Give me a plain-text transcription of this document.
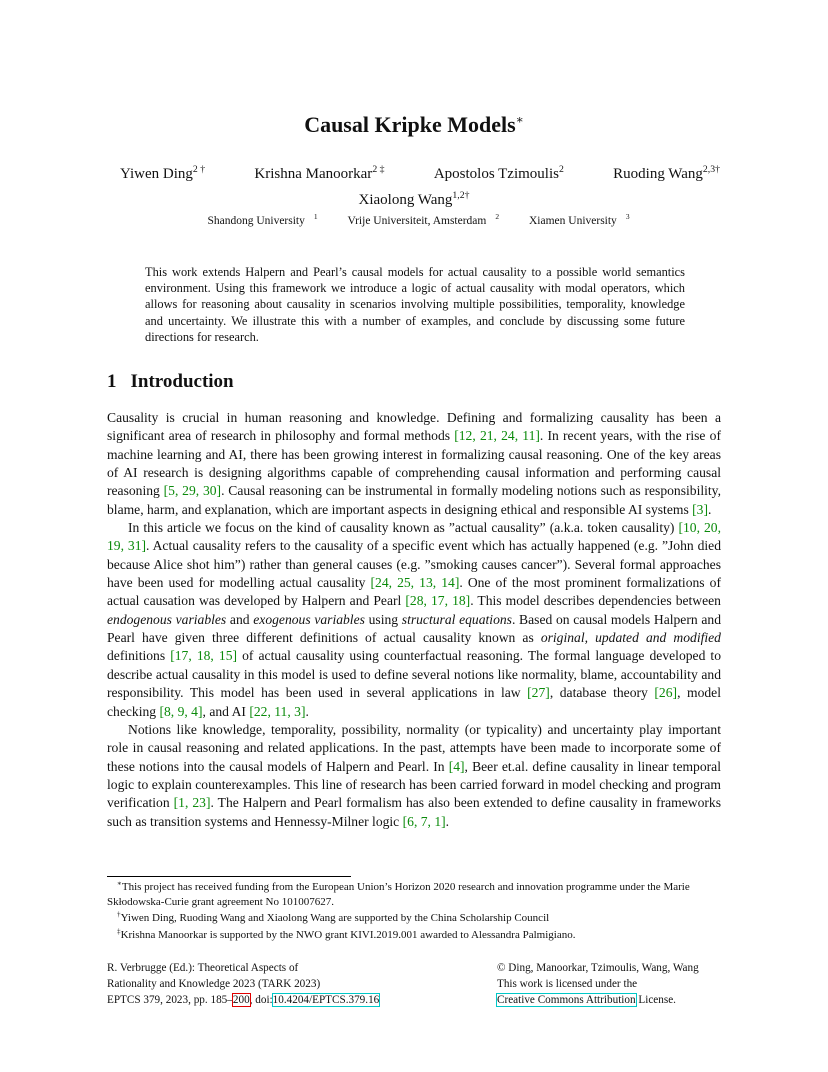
Causal Kripke Models∗
Yiwen Ding$^{2 \dagger}$	Krishna Manoorkar$^{2 \ddagger}$	Apostolos Tzimoulis$^2$	Ruoding Wang$^{2,3\dagger}$
Xiaolong Wang$^{1,2\dagger}$
Shandong University $^1$	Vrije Universiteit, Amsterdam $^2$	Xiamen University $^3$
This work extends Halpern and Pearl’s causal models for actual causality to a possible world semantics environment. Using this framework we introduce a logic of actual causality with modal operators, which allows for reasoning about causality in scenarios involving multiple possibilities, temporality, knowledge and uncertainty. We illustrate this with a number of examples, and conclude by discussing some future directions for research.
1 Introduction

Causality is crucial in human reasoning and knowledge. Defining and formalizing causality has been a significant area of research in philosophy and formal methods [12, 21, 24, 11]. In recent years, with the rise of machine learning and AI, there has been growing interest in formalizing causal reasoning. One of the key areas of AI research is designing algorithms capable of comprehending causal information and performing causal reasoning [5, 29, 30]. Causal reasoning can be instrumental in formally modeling notions such as responsibility, blame, harm, and explanation, which are important aspects in designing ethical and responsible AI systems [3].

In this article we focus on the kind of causality known as ”actual causality” (a.k.a. token causality) [10, 20, 19, 31]. Actual causality refers to the causality of a specific event which has actually happened (e.g. ”John died because Alice shot him”) rather than general causes (e.g. ”smoking causes cancer”). Several formal approaches have been used for modelling actual causality [24, 25, 13, 14]. One of the most prominent formalizations of actual causation was developed by Halpern and Pearl [28, 17, 18]. This model describes dependencies between endogenous variables and exogenous variables using structural equations. Based on causal models Halpern and Pearl have given three different definitions of actual causality known as original, updated and modified definitions [17, 18, 15] of actual causality using counterfactual reasoning. The formal language developed to describe actual causality in this model is used to define several notions like normality, blame, accountability and responsibility. This model has been used in several applications in law [27], database theory [26], model checking [8, 9, 4], and AI [22, 11, 3].

Notions like knowledge, temporality, possibility, normality (or typicality) and uncertainty play important role in causal reasoning and related applications. In the past, attempts have been made to incorporate some of these notions into the causal models of Halpern and Pearl. In [4], Beer et.al. define causality in linear temporal logic to explain counterexamples. This line of research has been carried forward in model checking and program verification [1, 23]. The Halpern and Pearl formalism has also been extended to define causality in frameworks such as transition systems and Hennessy-Milner logic [6, 7, 1].

∗This project has received funding from the European Union’s Horizon 2020 research and innovation programme under the Marie Skłodowska-Curie grant agreement No 101007627.

†Yiwen Ding, Ruoding Wang and Xiaolong Wang are supported by the China Scholarship Council

‡Krishna Manoorkar is supported by the NWO grant KIVI.2019.001 awarded to Alessandra Palmigiano.

R. Verbrugge (Ed.): Theoretical Aspects of
Rationality and Knowledge 2023 (TARK 2023)
EPTCS 379, 2023, pp. 185–200, doi:10.4204/EPTCS.379.16
© Ding, Manoorkar, Tzimoulis, Wang, Wang
This work is licensed under the
Creative Commons Attribution License.
